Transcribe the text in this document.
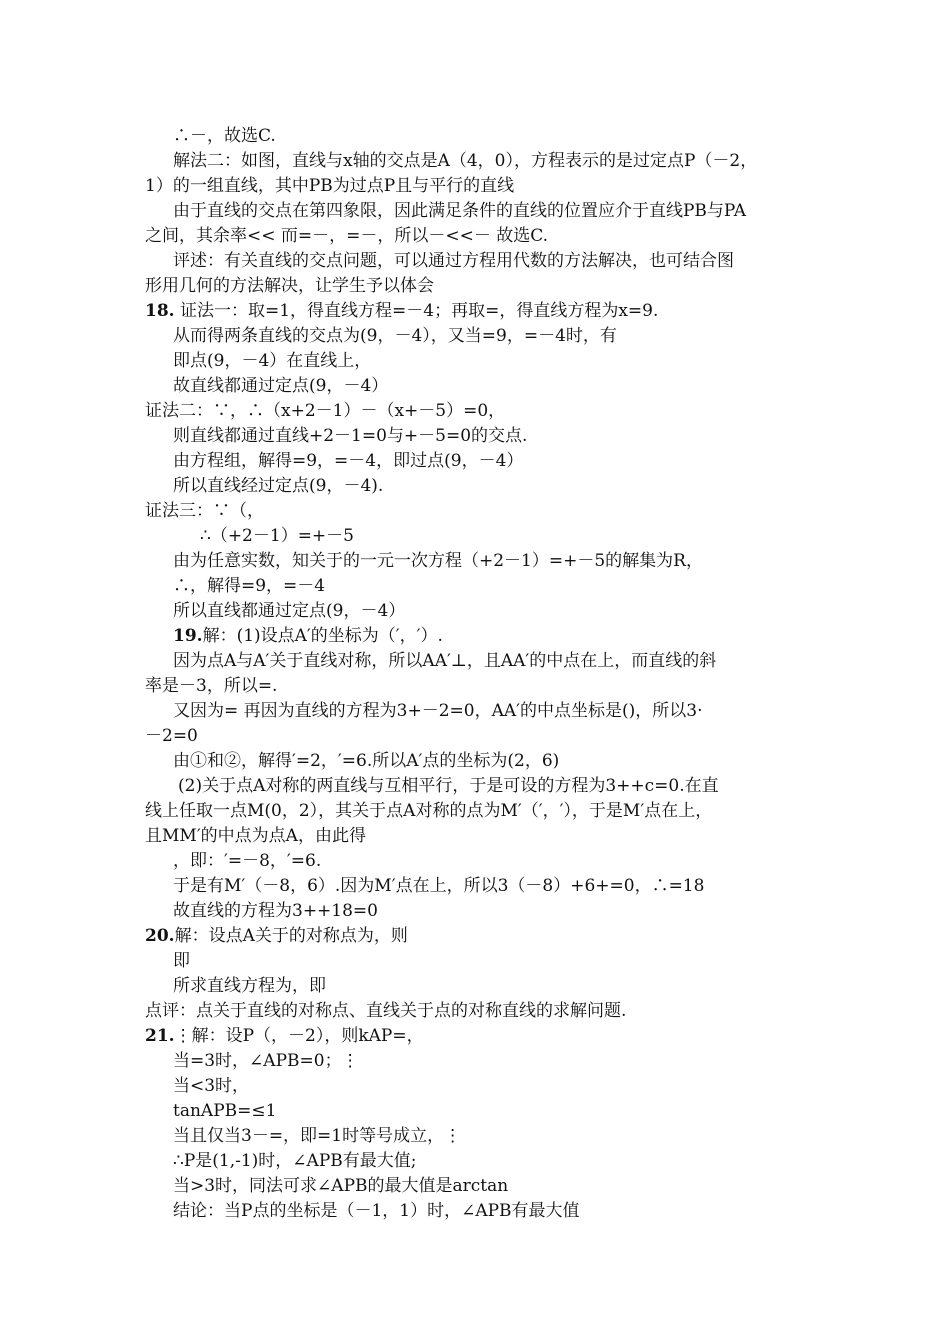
∴－，故选C.
解法二：如图，直线与x轴的交点是A（4，0），方程表示的是过定点P（－2，
1）的一组直线，其中PB为过点P且与平行的直线
由于直线的交点在第四象限，因此满足条件的直线的位置应介于直线PB与PA
之间，其余率<< 而=－，=－，所以－<<－ 故选C.
评述：有关直线的交点问题，可以通过方程用代数的方法解决，也可结合图
形用几何的方法解决，让学生予以体会
18. 证法一：取=1，得直线方程=－4；再取=，得直线方程为x=9.
从而得两条直线的交点为(9，－4），又当=9，=－4时，有
即点(9，－4）在直线上，
故直线都通过定点(9，－4）
证法二：∵，∴（x+2－1）－（x+－5）=0，
则直线都通过直线+2－1=0与+－5=0的交点.
由方程组，解得=9，=－4，即过点(9，－4）
所以直线经过定点(9，－4).
证法三：∵（，
∴（+2－1）=+－5
由为任意实数，知关于的一元一次方程（+2－1）=+－5的解集为R，
∴，解得=9，=－4
所以直线都通过定点(9，－4）
19.解：(1)设点A′的坐标为（′，′）.
因为点A与A′关于直线对称，所以AA′⊥，且AA′的中点在上，而直线的斜
率是－3，所以=.
又因为= 再因为直线的方程为3+－2=0，AA′的中点坐标是()，所以3·
－2=0
由①和②，解得′=2，′=6.所以A′点的坐标为(2，6)
(2)关于点A对称的两直线与互相平行，于是可设的方程为3++c=0.在直
线上任取一点M(0，2），其关于点A对称的点为M′（′，′），于是M′点在上，
且MM′的中点为点A，由此得
，即：′=－8，′=6.
于是有M′（－8，6）.因为M′点在上，所以3（－8）+6+=0，∴=18
故直线的方程为3++18=0
20.解：设点A关于的对称点为，则
即
所求直线方程为，即
点评：点关于直线的对称点、直线关于点的对称直线的求解问题.
21.⋮解：设P（，－2），则kAP=，
当=3时，∠APB=0；⋮
当<3时，
tanAPB=≤1
当且仅当3－=，即=1时等号成立，⋮
∴P是(1,-1)时，∠APB有最大值;
当>3时，同法可求∠APB的最大值是arctan
结论：当P点的坐标是（－1，1）时，∠APB有最大值
